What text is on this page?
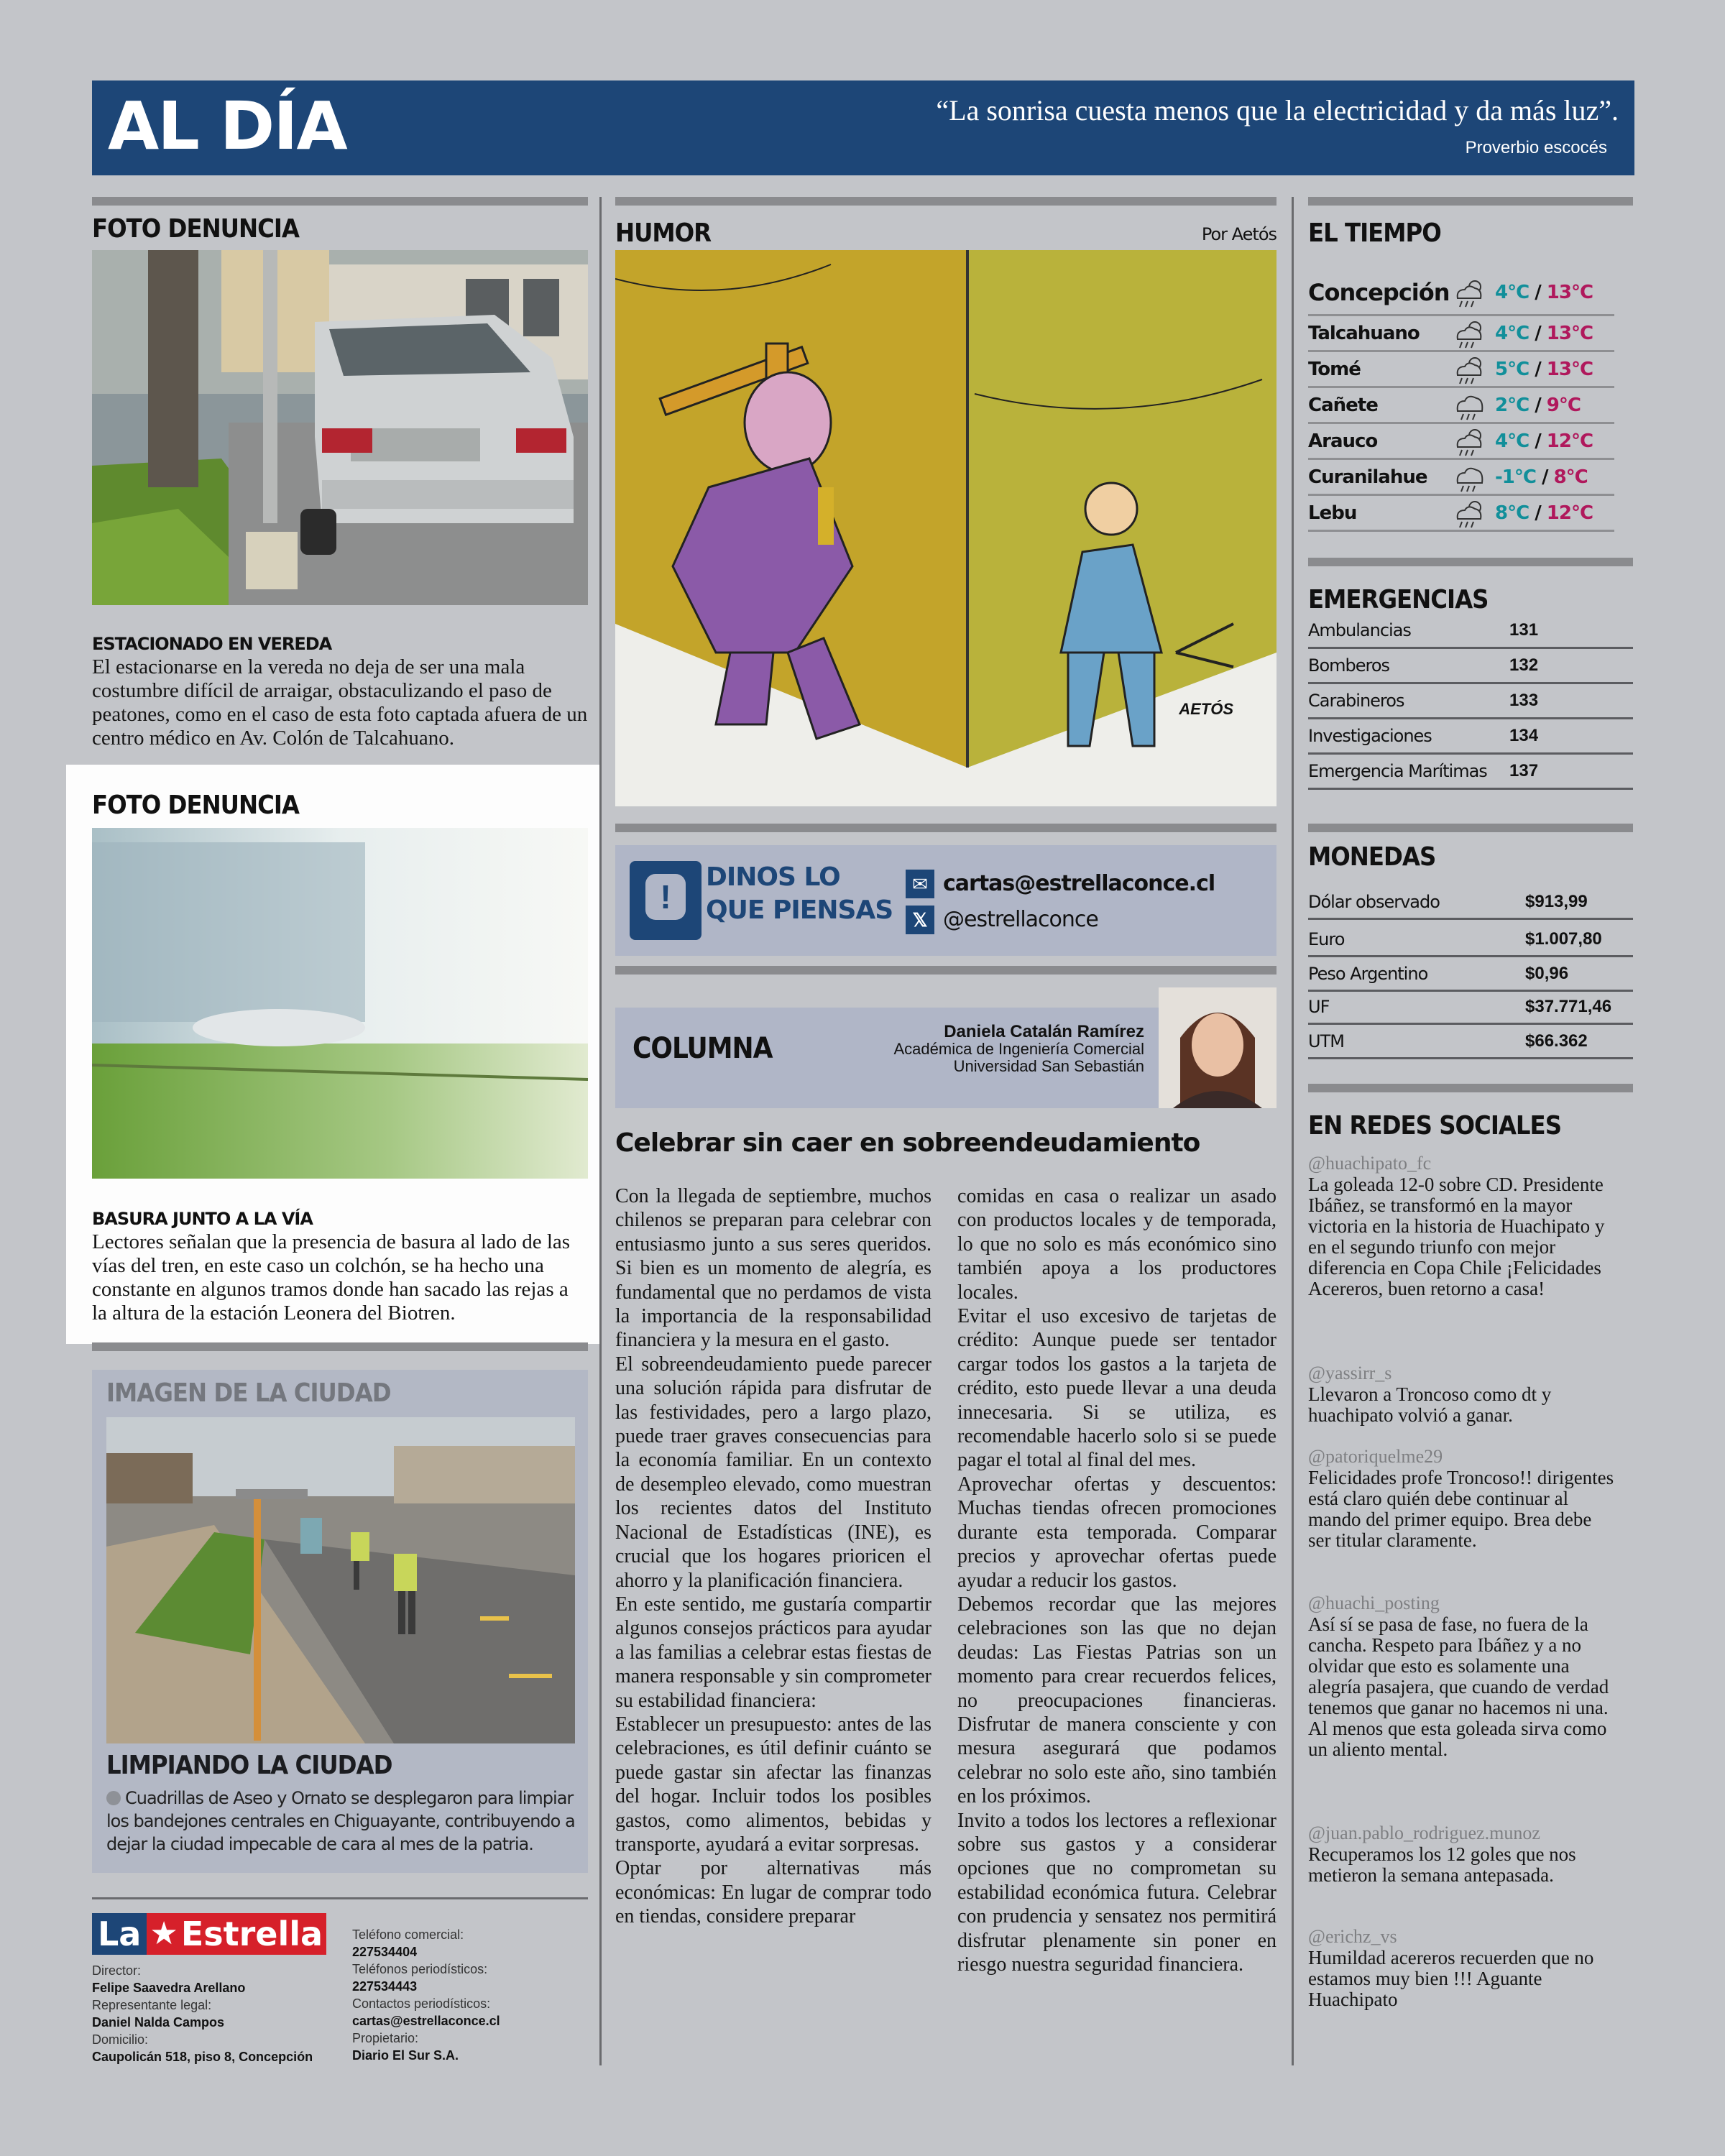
AL DÍA	“La sonrisa cuesta menos que la electricidad y da más luz”.
Proverbio escocés
FOTO DENUNCIA
ESTACIONADO EN VEREDA
El estacionarse en la vereda no deja de ser una mala costumbre difícil de arraigar, obstaculizando el paso de peatones, como en el caso de esta foto captada afuera de un centro médico en Av. Colón de Talcahuano.
FOTO DENUNCIA
BASURA JUNTO A LA VÍA
Lectores señalan que la presencia de basura al lado de las vías del tren, en este caso un colchón, se ha hecho una constante en algunos tramos donde han sacado las rejas a la altura de la estación Leonera del Biotren.
IMAGEN DE LA CIUDAD
LIMPIANDO LA CIUDAD
Cuadrillas de Aseo y Ornato se desplegaron para limpiar los bandejones centrales en Chiguayante, contribuyendo a dejar la ciudad impecable de cara al mes de la patria.
La ★ Estrella
Director:
Felipe Saavedra Arellano
Representante legal:
Daniel Nalda Campos
Domicilio:
Caupolicán 518, piso 8, Concepción
Teléfono comercial:
227534404
Teléfonos periodísticos:
227534443
Contactos periodísticos:
cartas@estrellaconce.cl
Propietario:
Diario El Sur S.A.
HUMOR	Por Aetós
AETÓS
!
DINOS LO
QUE PIENSAS
✉ cartas@estrellaconce.cl
𝕏 @estrellaconce
COLUMNA
Daniela Catalán Ramírez
Académica de Ingeniería Comercial
Universidad San Sebastián
Celebrar sin caer en sobreendeudamiento
Con la llegada de septiembre, muchos chilenos se preparan para celebrar con entusiasmo junto a sus seres queridos. Si bien es un momento de alegría, es fundamental que no perdamos de vista la importancia de la responsabilidad financiera y la mesura en el gasto.
El sobreendeudamiento puede parecer una solución rápida para disfrutar de las festividades, pero a largo plazo, puede traer graves consecuencias para la economía familiar. En un contexto de desempleo elevado, como muestran los recientes datos del Instituto Nacional de Estadísticas (INE), es crucial que los hogares prioricen el ahorro y la planificación financiera.
En este sentido, me gustaría compartir algunos consejos prácticos para ayudar a las familias a celebrar estas fiestas de manera responsable y sin comprometer su estabilidad financiera:
Establecer un presupuesto: antes de las celebraciones, es útil definir cuánto se puede gastar sin afectar las finanzas del hogar. Incluir todos los posibles gastos, como alimentos, bebidas y transporte, ayudará a evitar sorpresas.
Optar por alternativas más económicas: En lugar de comprar todo en tiendas, considere preparar
comidas en casa o realizar un asado con productos locales y de temporada, lo que no solo es más económico sino también apoya a los productores locales.
Evitar el uso excesivo de tarjetas de crédito: Aunque puede ser tentador cargar todos los gastos a la tarjeta de crédito, esto puede llevar a una deuda innecesaria. Si se utiliza, es recomendable hacerlo solo si se puede pagar el total al final del mes.
Aprovechar ofertas y descuentos: Muchas tiendas ofrecen promociones durante esta temporada. Comparar precios y aprovechar ofertas puede ayudar a reducir los gastos.
Debemos recordar que las mejores celebraciones son las que no dejan deudas: Las Fiestas Patrias son un momento para crear recuerdos felices, no preocupaciones financieras. Disfrutar de manera consciente y con mesura asegurará que podamos celebrar no solo este año, sino también en los próximos.
Invito a todos los lectores a reflexionar sobre sus gastos y a considerar opciones que no comprometan su estabilidad económica futura. Celebrar con prudencia y sensatez nos permitirá disfrutar plenamente sin poner en riesgo nuestra seguridad financiera.
EL TIEMPO
Concepción 4°C / 13°C
Talcahuano	4°C / 13°C
Tomé	5°C / 13°C
Cañete	2°C / 9°C
Arauco	4°C / 12°C
Curanilahue	-1°C / 8°C
Lebu	8°C / 12°C
EMERGENCIAS
Ambulancias	131
Bomberos	132
Carabineros	133
Investigaciones	134
Emergencia Marítimas	137
MONEDAS
Dólar observado	$913,99
Euro	$1.007,80
Peso Argentino	$0,96
UF	$37.771,46
UTM	$66.362
EN REDES SOCIALES
@huachipato_fc
La goleada 12-0 sobre CD. Presidente Ibáñez, se transformó en la mayor victoria en la historia de Huachipato y en el segundo triunfo con mejor diferencia en Copa Chile ¡Felicidades Acereros, buen retorno a casa!
@yassirr_s
Llevaron a Troncoso como dt y huachipato volvió a ganar.
@patoriquelme29
Felicidades profe Troncoso!! dirigentes está claro quién debe continuar al mando del primer equipo. Brea debe ser titular claramente.
@huachi_posting
Así sí se pasa de fase, no fuera de la cancha. Respeto para Ibáñez y a no olvidar que esto es solamente una alegría pasajera, que cuando de verdad tenemos que ganar no hacemos ni una. Al menos que esta goleada sirva como un aliento mental.
@juan.pablo_rodriguez.munoz
Recuperamos los 12 goles que nos metieron la semana antepasada.
@erichz_vs
Humildad acereros recuerden que no estamos muy bien !!! Aguante Huachipato
